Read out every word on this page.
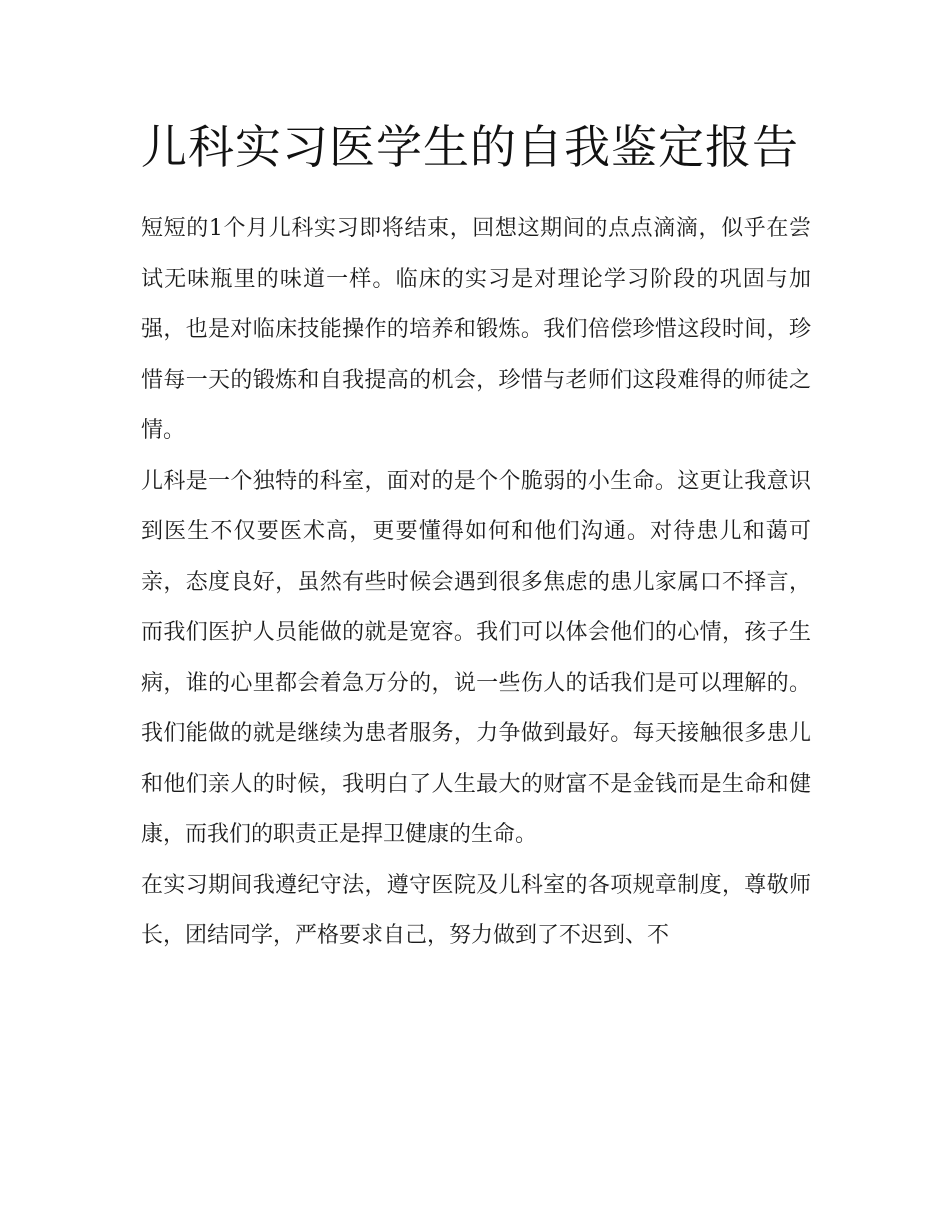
儿科实习医学生的自我鉴定报告

短短的1个月儿科实习即将结束，回想这期间的点点滴滴，似乎在尝试无味瓶里的味道一样。临床的实习是对理论学习阶段的巩固与加强，也是对临床技能操作的培养和锻炼。我们倍偿珍惜这段时间，珍惜每一天的锻炼和自我提高的机会，珍惜与老师们这段难得的师徒之情。

儿科是一个独特的科室，面对的是个个脆弱的小生命。这更让我意识到医生不仅要医术高，更要懂得如何和他们沟通。对待患儿和蔼可亲，态度良好，虽然有些时候会遇到很多焦虑的患儿家属口不择言，而我们医护人员能做的就是宽容。我们可以体会他们的心情，孩子生病，谁的心里都会着急万分的，说一些伤人的话我们是可以理解的。我们能做的就是继续为患者服务，力争做到最好。每天接触很多患儿和他们亲人的时候，我明白了人生最大的财富不是金钱而是生命和健康，而我们的职责正是捍卫健康的生命。

在实习期间我遵纪守法，遵守医院及儿科室的各项规章制度，尊敬师长，团结同学，严格要求自己，努力做到了不迟到、不
